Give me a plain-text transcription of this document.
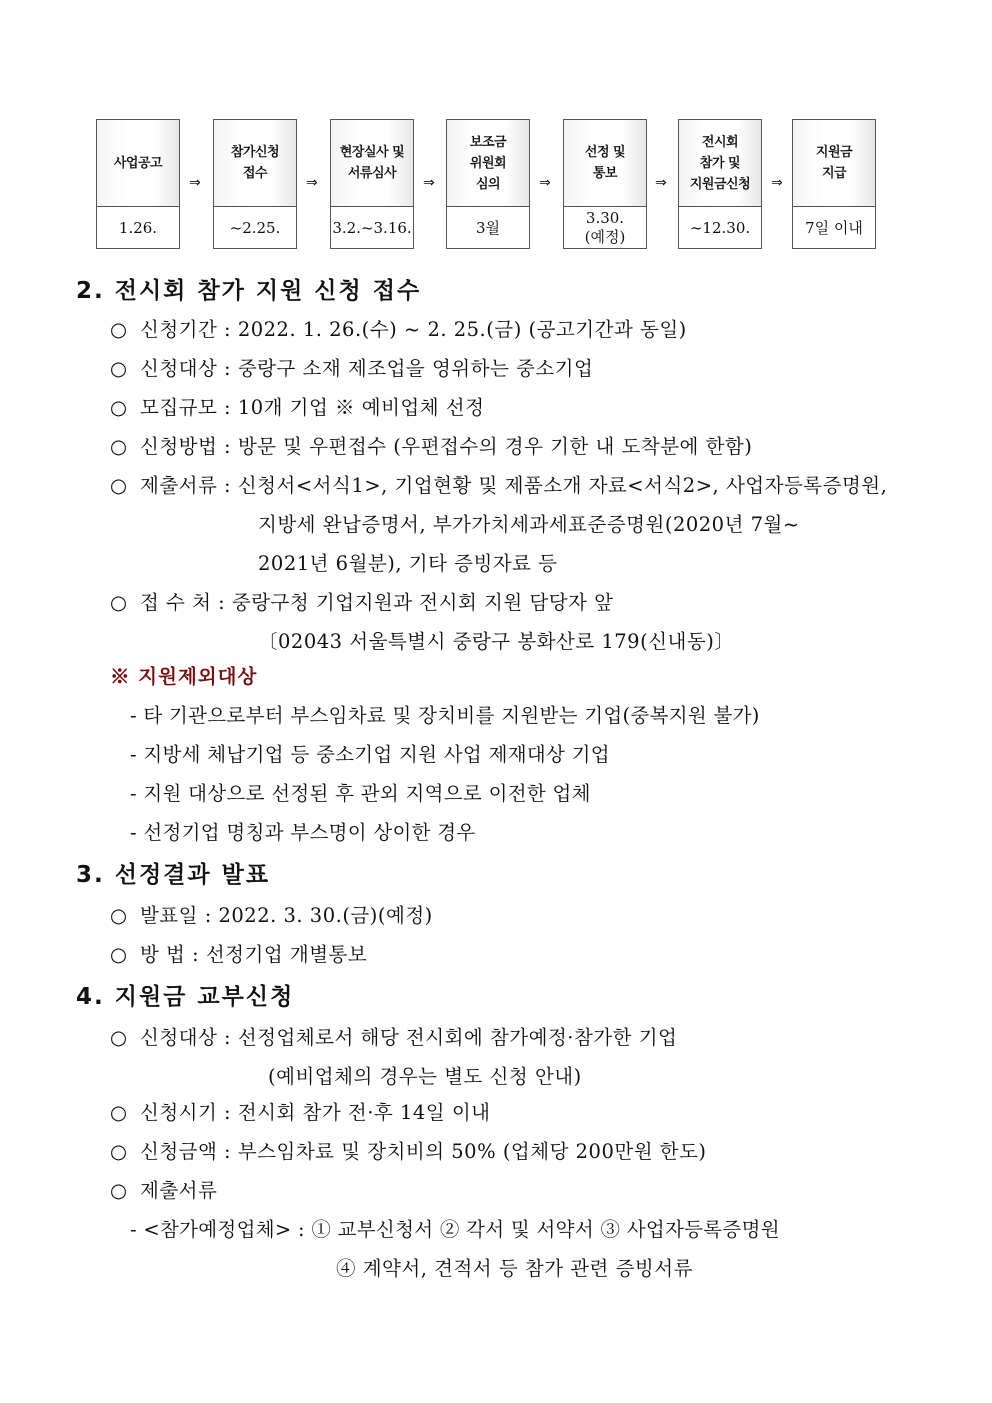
사업공고
1.26.
참가신청
접수
~2.25.
현장실사 및
서류심사
3.2.~3.16.
보조금
위원회
심의
3월
선정 및
통보
3.30.
(예정)
전시회
참가 및
지원금신청
~12.30.
지원금
지급
7일 이내
⇒	⇒	⇒	⇒	⇒	⇒
2. 전시회 참가 지원 신청 접수
○ 신청기간 : 2022. 1. 26.(수) ~ 2. 25.(금) (공고기간과 동일)
○ 신청대상 : 중랑구 소재 제조업을 영위하는 중소기업
○ 모집규모 : 10개 기업 ※ 예비업체 선정
○ 신청방법 : 방문 및 우편접수 (우편접수의 경우 기한 내 도착분에 한함)
○ 제출서류 : 신청서<서식1>, 기업현황 및 제품소개 자료<서식2>, 사업자등록증명원,
지방세 완납증명서, 부가가치세과세표준증명원(2020년 7월~
2021년 6월분), 기타 증빙자료 등
○ 접 수 처 : 중랑구청 기업지원과 전시회 지원 담당자 앞
〔02043 서울특별시 중랑구 봉화산로 179(신내동)〕
※ 지원제외대상
- 타 기관으로부터 부스임차료 및 장치비를 지원받는 기업(중복지원 불가)
- 지방세 체납기업 등 중소기업 지원 사업 제재대상 기업
- 지원 대상으로 선정된 후 관외 지역으로 이전한 업체
- 선정기업 명칭과 부스명이 상이한 경우
3. 선정결과 발표
○ 발표일 : 2022. 3. 30.(금)(예정)
○ 방 법 : 선정기업 개별통보
4. 지원금 교부신청
○ 신청대상 : 선정업체로서 해당 전시회에 참가예정·참가한 기업
(예비업체의 경우는 별도 신청 안내)
○ 신청시기 : 전시회 참가 전·후 14일 이내
○ 신청금액 : 부스임차료 및 장치비의 50% (업체당 200만원 한도)
○ 제출서류
- <참가예정업체> : ① 교부신청서 ② 각서 및 서약서 ③ 사업자등록증명원
④ 계약서, 견적서 등 참가 관련 증빙서류
